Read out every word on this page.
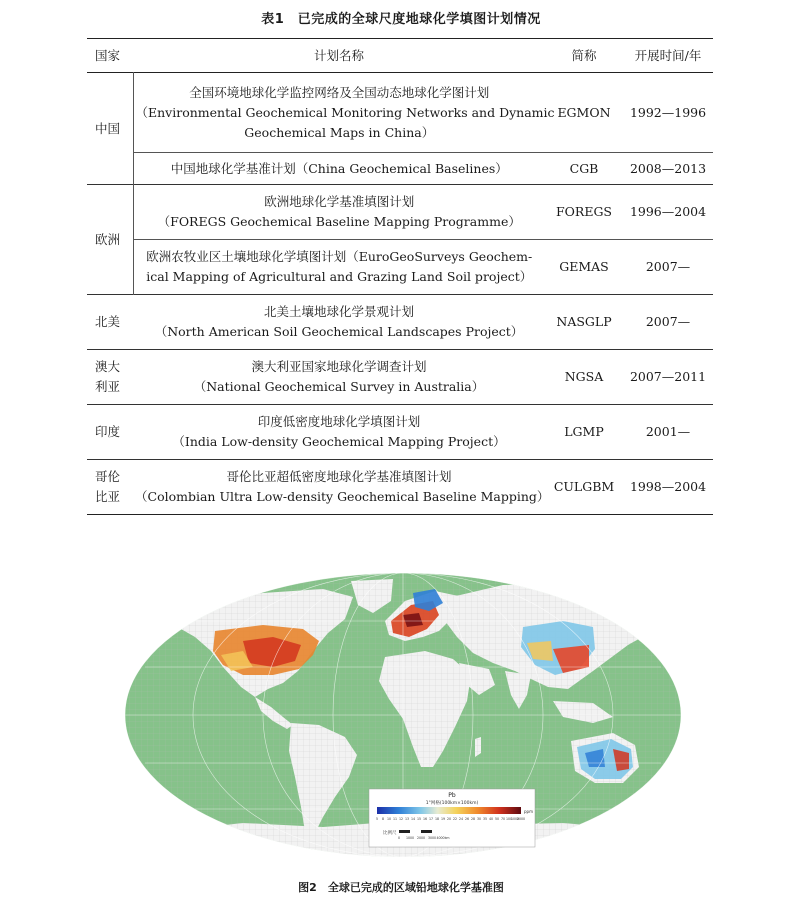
表1　已完成的全球尺度地球化学填图计划情况
国家	计划名称	简称	开展时间/年
中国	全国环境地球化学监控网络及全国动态地球化学图计划
（Environmental Geochemical Monitoring Networks and Dynamic
Geochemical Maps in China）	EGMON	1992—1996

	中国地球化学基准计划（China Geochemical Baselines）	CGB	2008—2013
欧洲	欧洲地球化学基准填图计划
（FOREGS Geochemical Baseline Mapping Programme）	FOREGS	1996—2004

	欧洲农牧业区土壤地球化学填图计划（EuroGeoSurveys Geochem-
ical Mapping of Agricultural and Grazing Land Soil project）	GEMAS	2007—
北美	北美土壤地球化学景观计划
（North American Soil Geochemical Landscapes Project）	NASGLP	2007—

澳大
利亚	澳大利亚国家地球化学调查计划
（National Geochemical Survey in Australia）	NGSA	2007—2011
印度	印度低密度地球化学填图计划
（India Low-density Geochemical Mapping Project）	LGMP	2001—

哥伦
比亚	哥伦比亚超低密度地球化学基准填图计划
（Colombian Ultra Low-density Geochemical Baseline Mapping）	CULGBM	1998—2004
Pb
1°网格(100km×100km)
ppm
5 8 10 11 12 13 14 15 16 17 18 19 20 22 24 26 28 30 35 40 50 70 100
1000
2000
比例尺
0 1000 2000 3000 4000km
图2　全球已完成的区域铅地球化学基准图
